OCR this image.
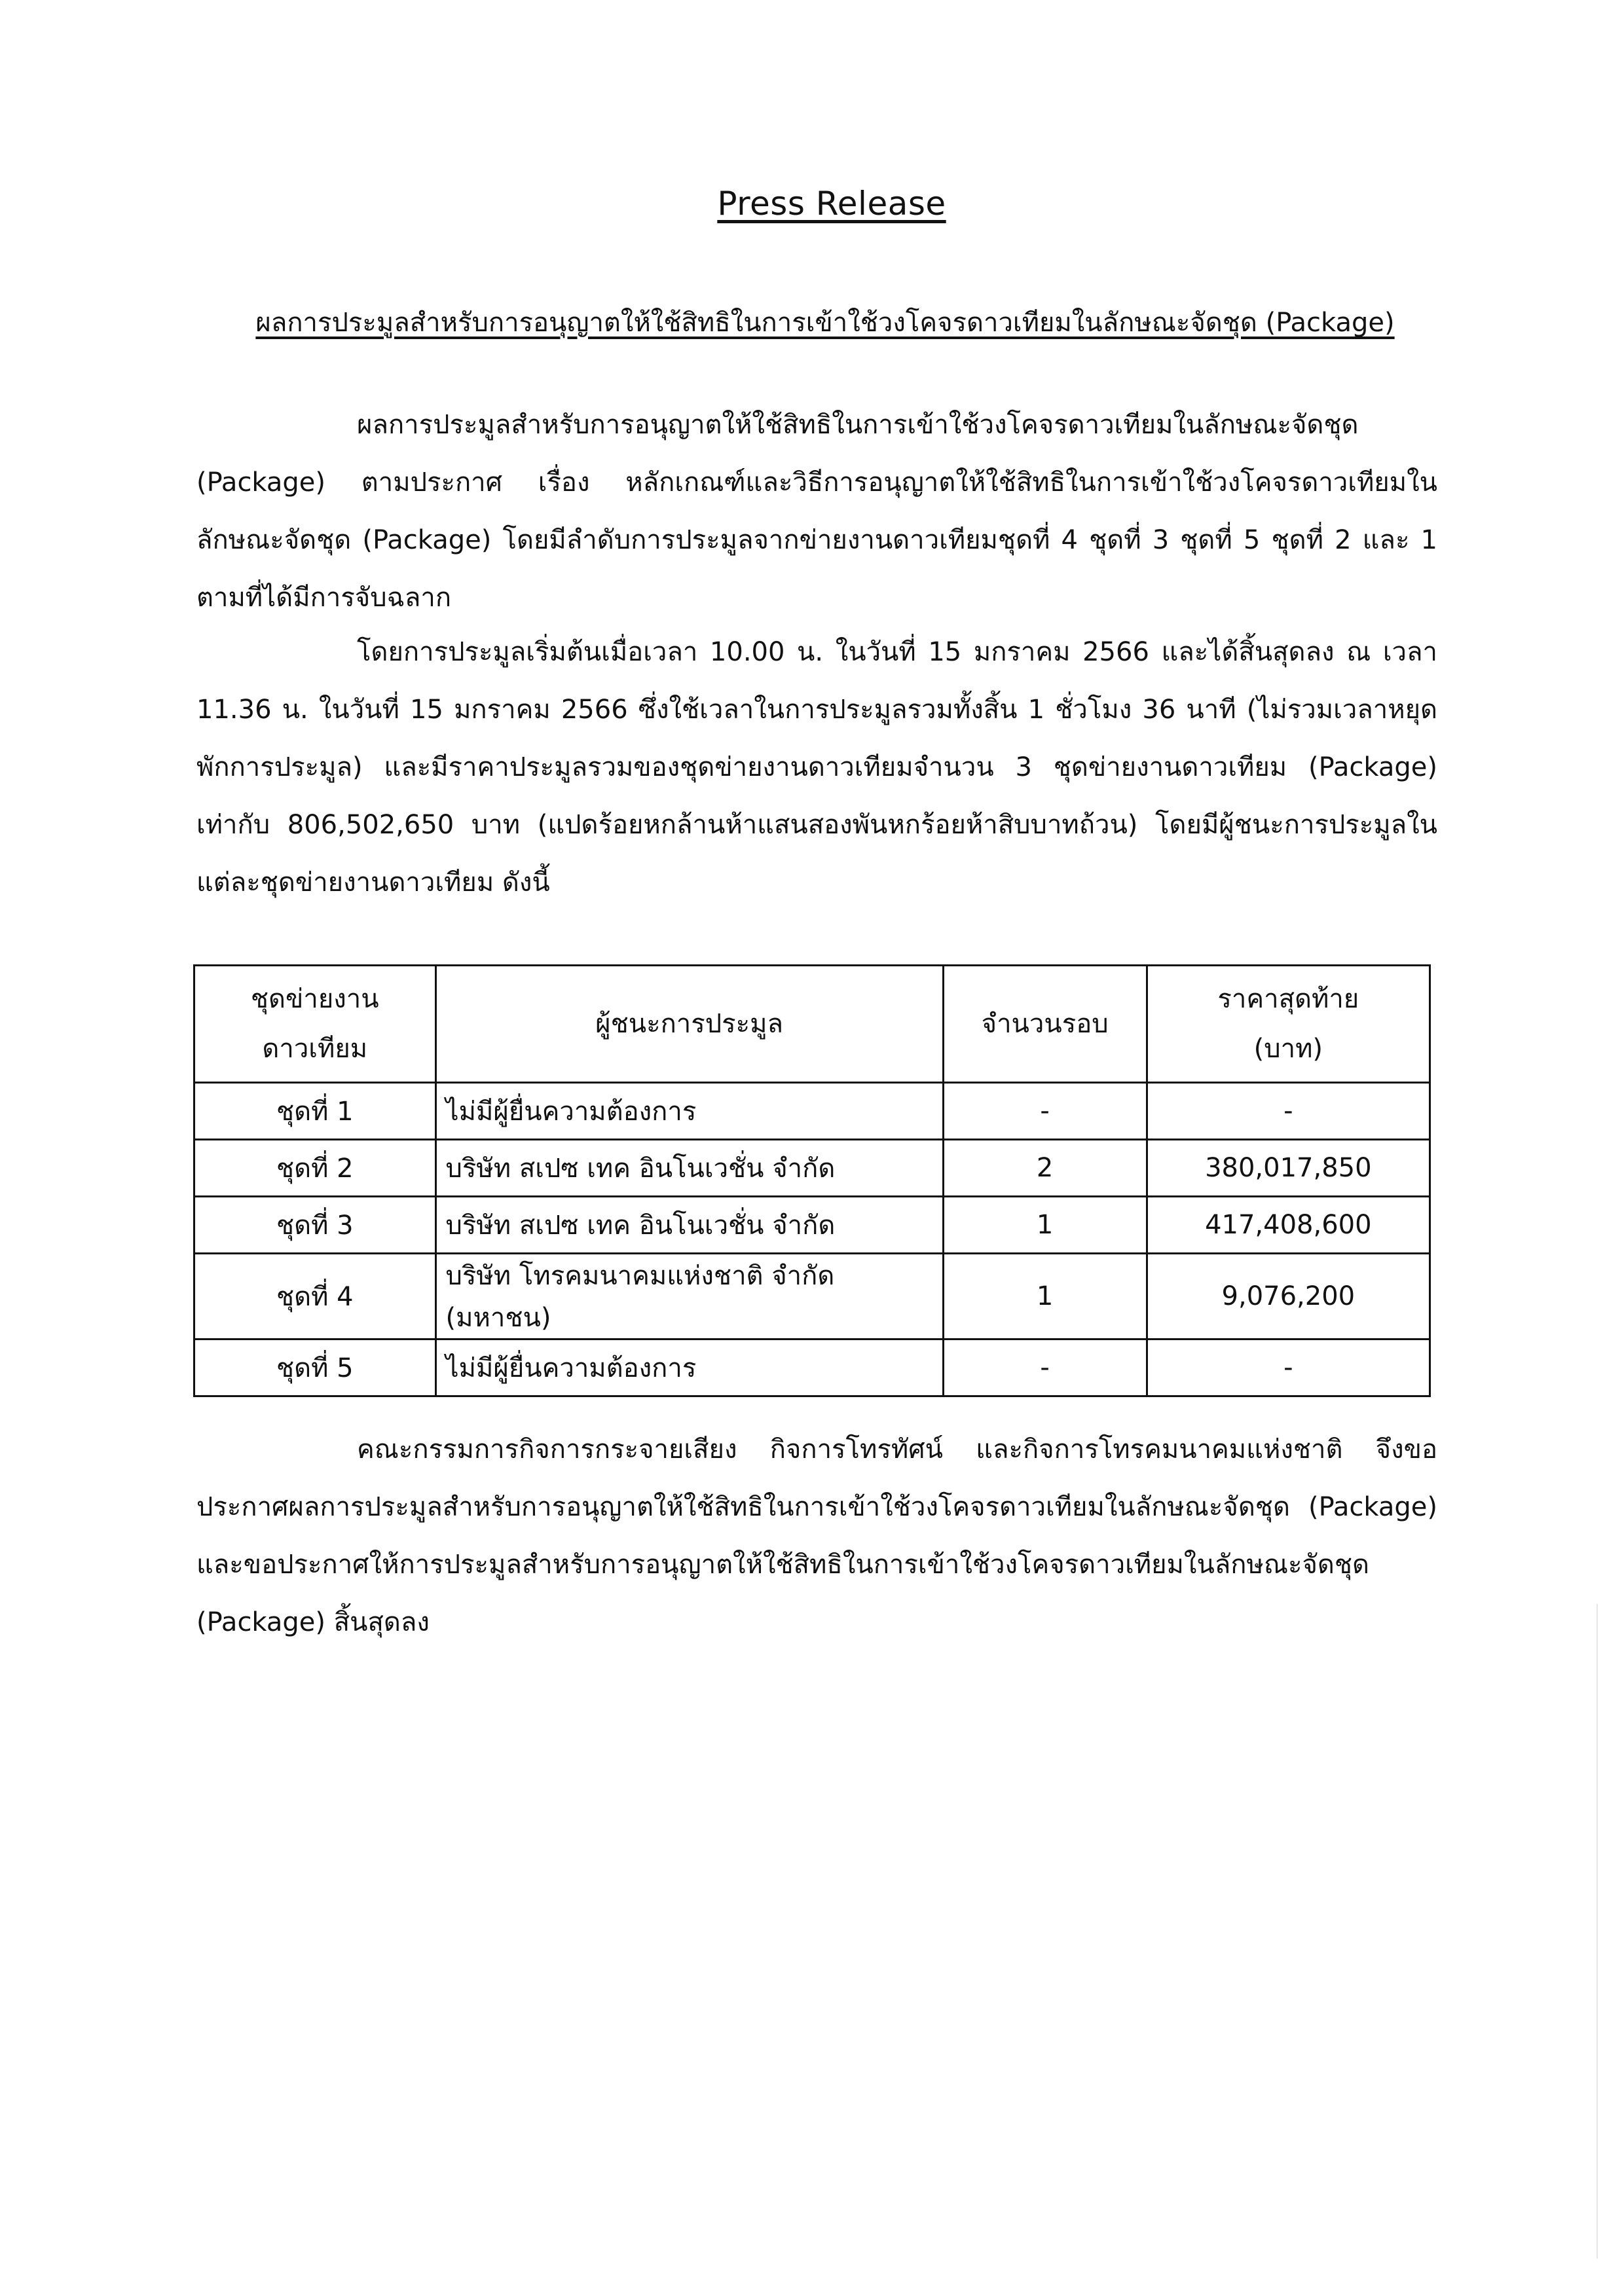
Press Release
ผลการประมูลสำหรับการอนุญาตให้ใช้สิทธิในการเข้าใช้วงโคจรดาวเทียมในลักษณะจัดชุด (Package)
ผลการประมูลสำหรับการอนุญาตให้ใช้สิทธิในการเข้าใช้วงโคจรดาวเทียมในลักษณะจัดชุด (Package) ตามประกาศ เรื่อง หลักเกณฑ์และวิธีการอนุญาตให้ใช้สิทธิในการเข้าใช้วงโคจรดาวเทียมในลักษณะจัดชุด (Package) โดยมีลำดับการประมูลจากข่ายงานดาวเทียมชุดที่ 4 ชุดที่ 3 ชุดที่ 5 ชุดที่ 2 และ 1 ตามที่ได้มีการจับฉลาก
โดยการประมูลเริ่มต้นเมื่อเวลา 10.00 น. ในวันที่ 15 มกราคม 2566 และได้สิ้นสุดลง ณ เวลา 11.36 น. ในวันที่ 15 มกราคม 2566 ซึ่งใช้เวลาในการประมูลรวมทั้งสิ้น 1 ชั่วโมง 36 นาที (ไม่รวมเวลาหยุดพักการประมูล) และมีราคาประมูลรวมของชุดข่ายงานดาวเทียมจำนวน 3 ชุดข่ายงานดาวเทียม (Package) เท่ากับ 806,502,650 บาท (แปดร้อยหกล้านห้าแสนสองพันหกร้อยห้าสิบบาทถ้วน) โดยมีผู้ชนะการประมูลในแต่ละชุดข่ายงานดาวเทียม ดังนี้
ชุดข่ายงานดาวเทียม	ผู้ชนะการประมูล	จำนวนรอบ	ราคาสุดท้าย
(บาท)

ชุดที่ 1	ไม่มีผู้ยื่นความต้องการ	-	-
ชุดที่ 2	บริษัท สเปซ เทค อินโนเวชั่น จำกัด	2	380,017,850
ชุดที่ 3	บริษัท สเปซ เทค อินโนเวชั่น จำกัด	1	417,408,600
ชุดที่ 4	บริษัท โทรคมนาคมแห่งชาติ จำกัด (มหาชน)	1	9,076,200
ชุดที่ 5	ไม่มีผู้ยื่นความต้องการ	-	-
คณะกรรมการกิจการกระจายเสียง กิจการโทรทัศน์ และกิจการโทรคมนาคมแห่งชาติ จึงขอประกาศผลการประมูลสำหรับการอนุญาตให้ใช้สิทธิในการเข้าใช้วงโคจรดาวเทียมในลักษณะจัดชุด (Package) และขอประกาศให้การประมูลสำหรับการอนุญาตให้ใช้สิทธิในการเข้าใช้วงโคจรดาวเทียมในลักษณะจัดชุด (Package) สิ้นสุดลง
